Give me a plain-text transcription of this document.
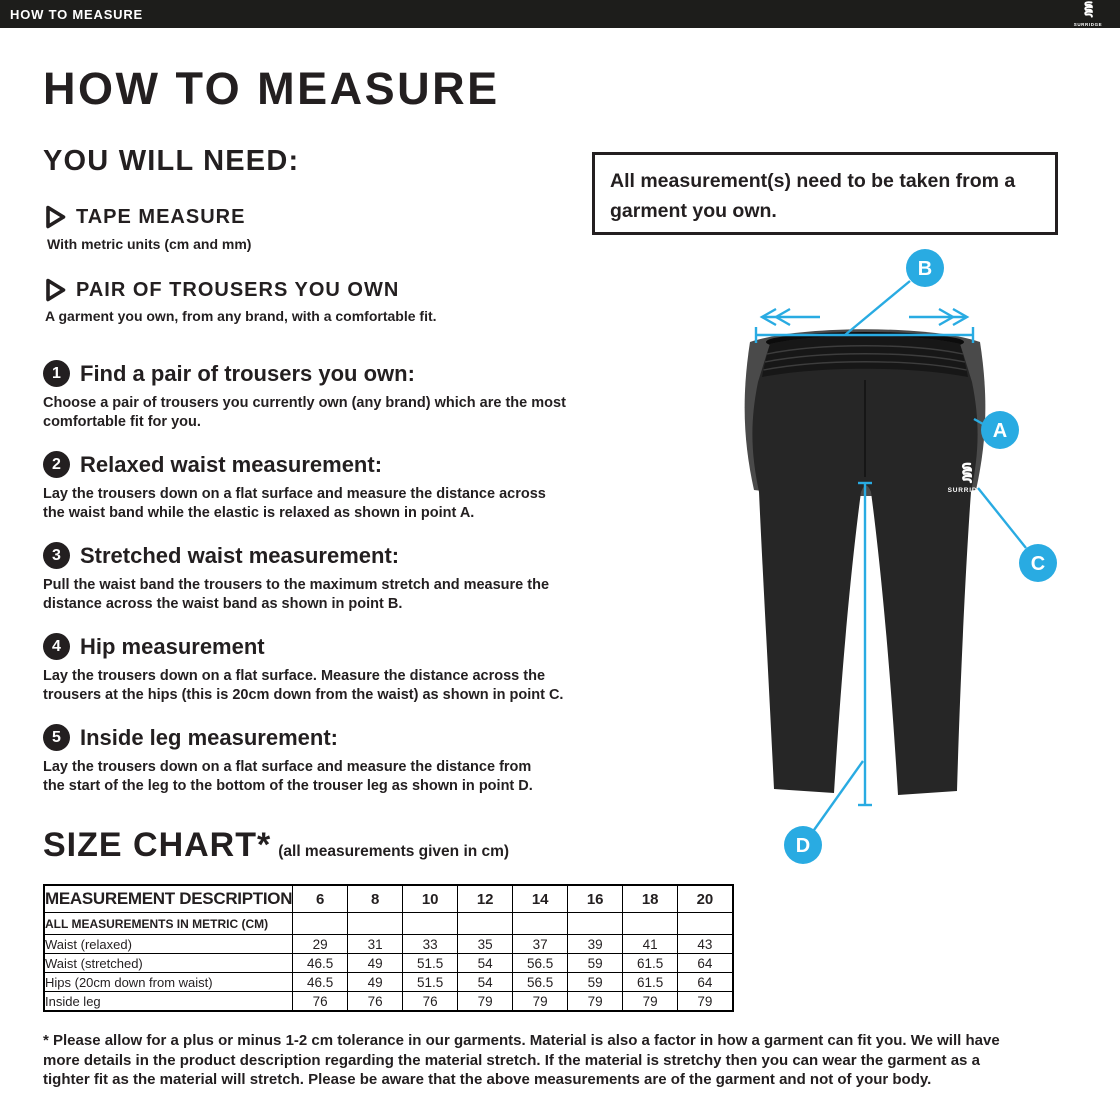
HOW TO MEASURE
SURRIDGE
HOW TO MEASURE
YOU WILL NEED:
TAPE MEASURE
With metric units (cm and mm)
PAIR OF TROUSERS YOU OWN
A garment you own, from any brand, with a comfortable fit.
All measurement(s) need to be taken from a garment you own.
1 Find a pair of trousers you own:
Choose a pair of trousers you currently own (any brand) which are the most
comfortable fit for you.
2 Relaxed waist measurement:
Lay the trousers down on a flat surface and measure the distance across
the waist band while the elastic is relaxed as shown in point A.
3 Stretched waist measurement:
Pull the waist band the trousers to the maximum stretch and measure the
distance across the waist band as shown in point B.
4 Hip measurement
Lay the trousers down on a flat surface. Measure the distance across the
trousers at the hips (this is 20cm down from the waist) as shown in point C.
5 Inside leg measurement:
Lay the trousers down on a flat surface and measure the distance from
the start of the leg to the bottom of the trouser leg as shown in point D.
SURRIDGE
B
A
C
D
SIZE CHART* (all measurements given in cm)
MEASUREMENT DESCRIPTION	6	8	10	12	14	16	18	20
ALL MEASUREMENTS IN METRIC (CM)								
Waist (relaxed)	29	31	33	35	37	39	41	43
Waist (stretched)	46.5	49	51.5	54	56.5	59	61.5	64
Hips (20cm down from waist)	46.5	49	51.5	54	56.5	59	61.5	64
Inside leg	76	76	76	79	79	79	79	79
* Please allow for a plus or minus 1-2 cm tolerance in our garments. Material is also a factor in how a garment can fit you. We will have
more details in the product description regarding the material stretch. If the material is stretchy then you can wear the garment as a
tighter fit as the material will stretch. Please be aware that the above measurements are of the garment and not of your body.
